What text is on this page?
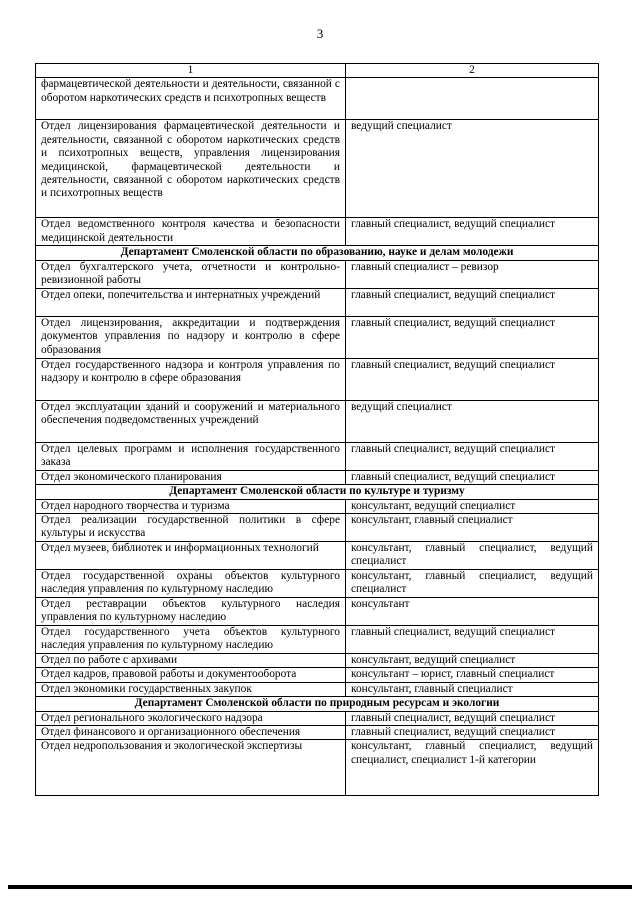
3
1	2
фармацевтической деятельности и деятельности, связанной с оборотом наркотических средств и психотропных веществ	
Отдел лицензирования фармацевтической деятельности и деятельности, связанной с оборотом наркотических средств и психотропных веществ, управления лицензирования медицинской, фармацевтической деятельности и деятельности, связанной с оборотом наркотических средств и психотропных веществ	ведущий специалист
Отдел ведомственного контроля качества и безопасности медицинской деятельности	главный специалист, ведущий специалист
Департамент Смоленской области по образованию, науке и делам молодежи	
Отдел бухгалтерского учета, отчетности и контрольно-ревизионной работы	главный специалист – ревизор
Отдел опеки, попечительства и интернатных учреждений	главный специалист, ведущий специалист
Отдел лицензирования, аккредитации и подтверждения документов управления по надзору и контролю в сфере образования	главный специалист, ведущий специалист
Отдел государственного надзора и контроля управления по надзору и контролю в сфере образования	главный специалист, ведущий специалист
Отдел эксплуатации зданий и сооружений и материального обеспечения подведомственных учреждений	ведущий специалист
Отдел целевых программ и исполнения государственного заказа	главный специалист, ведущий специалист
Отдел экономического планирования	главный специалист, ведущий специалист
Департамент Смоленской области по культуре и туризму	
Отдел народного творчества и туризма	консультант, ведущий специалист
Отдел реализации государственной политики в сфере культуры и искусства	консультант, главный специалист
Отдел музеев, библиотек и информационных технологий	консультант, главный специалист, ведущий специалист
Отдел государственной охраны объектов культурного наследия управления по культурному наследию	консультант, главный специалист, ведущий специалист
Отдел реставрации объектов культурного наследия управления по культурному наследию	консультант
Отдел государственного учета объектов культурного наследия управления по культурному наследию	главный специалист, ведущий специалист
Отдел по работе с архивами	консультант, ведущий специалист
Отдел кадров, правовой работы и документооборота	консультант – юрист, главный специалист
Отдел экономики государственных закупок	консультант, главный специалист
Департамент Смоленской области по природным ресурсам и экологии	
Отдел регионального экологического надзора	главный специалист, ведущий специалист
Отдел финансового и организационного обеспечения	главный специалист, ведущий специалист
Отдел недропользования и экологической экспертизы	консультант, главный специалист, ведущий специалист, специалист 1-й категории
